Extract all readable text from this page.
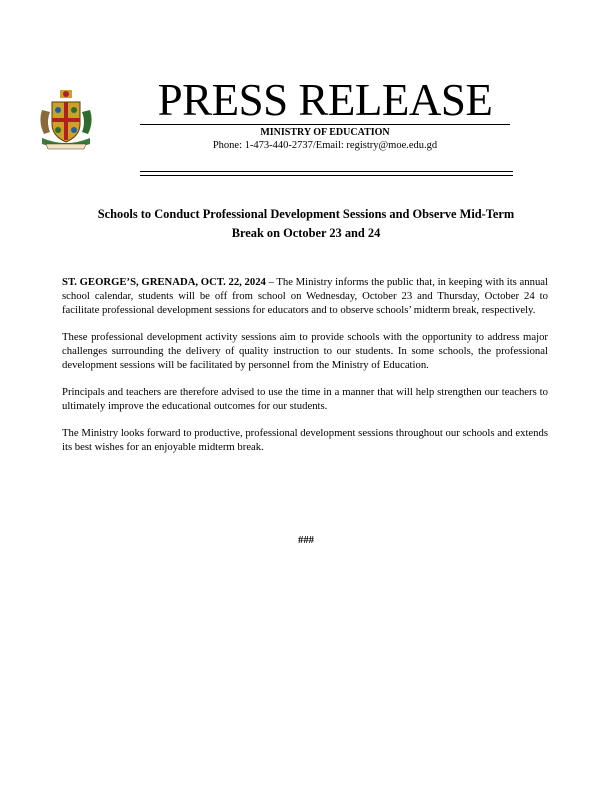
PRESS RELEASE
MINISTRY OF EDUCATION
Phone: 1-473-440-2737/Email: registry@moe.edu.gd
Schools to Conduct Professional Development Sessions and Observe Mid-Term
Break on October 23 and 24

ST. GEORGE’S, GRENADA, OCT. 22, 2024 – The Ministry informs the public that, in keeping with its annual school calendar, students will be off from school on Wednesday, October 23 and Thursday, October 24 to facilitate professional development sessions for educators and to observe schools’ midterm break, respectively.

These professional development activity sessions aim to provide schools with the opportunity to address major challenges surrounding the delivery of quality instruction to our students. In some schools, the professional development sessions will be facilitated by personnel from the Ministry of Education.

Principals and teachers are therefore advised to use the time in a manner that will help strengthen our teachers to ultimately improve the educational outcomes for our students.

The Ministry looks forward to productive, professional development sessions throughout our schools and extends its best wishes for an enjoyable midterm break.

###
